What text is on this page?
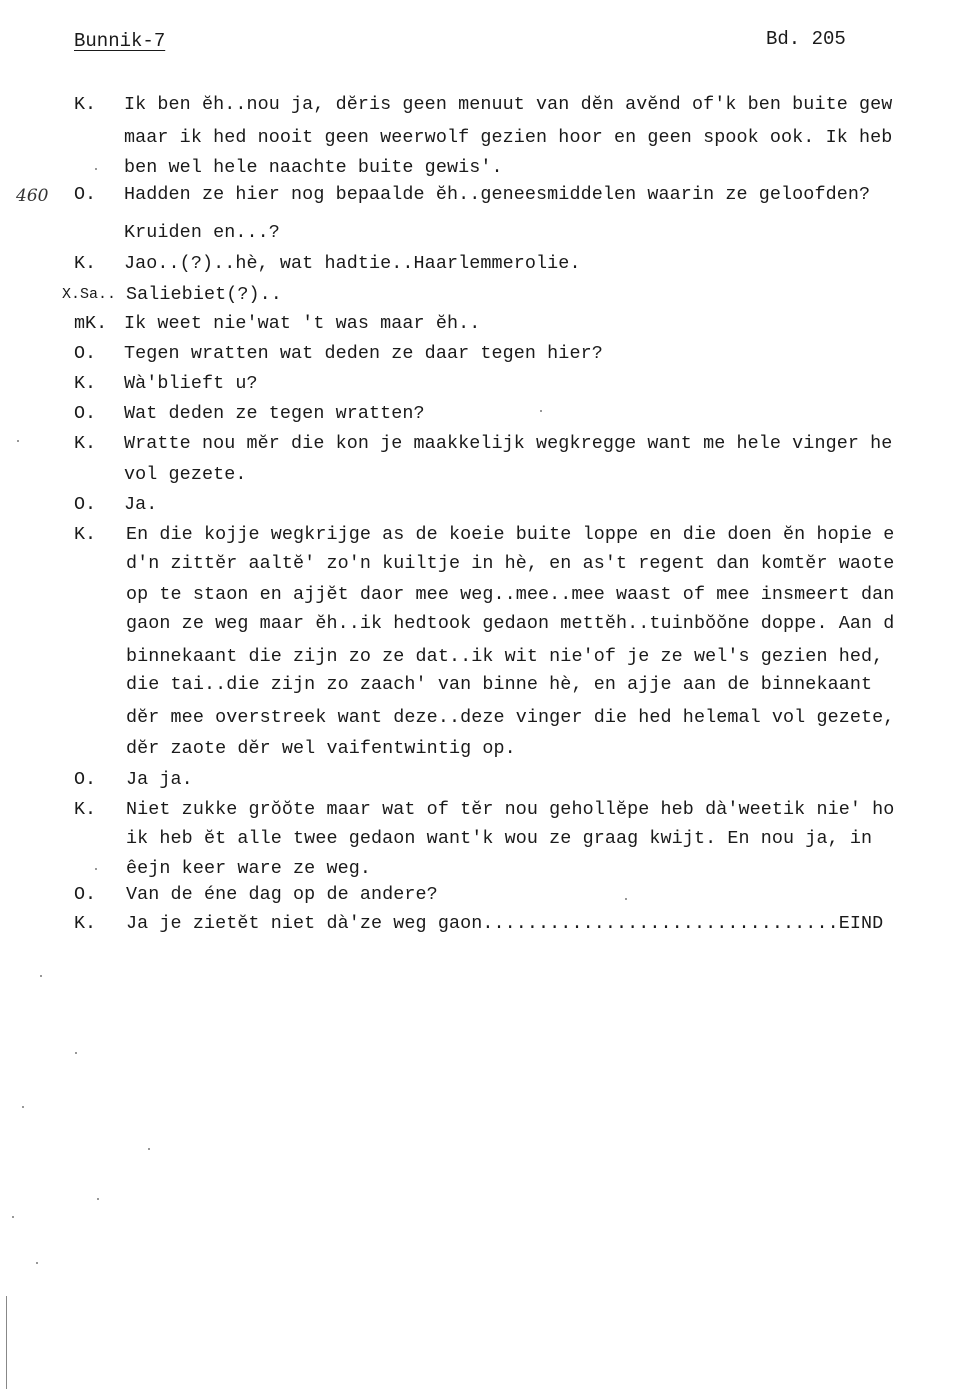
Bunnik-7	Bd. 205
460
K. Ik ben ĕh..nou ja, dĕris geen menuut van dĕn avĕnd of'k ben buite gew
maar ik hed nooit geen weerwolf gezien hoor en geen spook ook. Ik heb
ben wel hele naachte buite gewis'.
O. Hadden ze hier nog bepaalde ĕh..geneesmiddelen waarin ze geloofden?
Kruiden en...?
K. Jao..(?)..hè, wat hadtie..Haarlemmerolie.
X.Sa.. Saliebiet(?)..
mK. Ik weet nie'wat 't was maar ĕh..
O. Tegen wratten wat deden ze daar tegen hier?
K. Wà'blieft u?
O. Wat deden ze tegen wratten?
K. Wratte nou mĕr die kon je maakkelijk wegkregge want me hele vinger he
vol gezete.
O. Ja.
K. En die kojje wegkrijge as de koeie buite loppe en die doen ĕn hopie e
d'n zittĕr aaltĕ' zo'n kuiltje in hè, en as't regent dan komtĕr waote
op te staon en ajjĕt daor mee weg..mee..mee waast of mee insmeert dan
gaon ze weg maar ĕh..ik hedtook gedaon mettĕh..tuinbŏŏne doppe. Aan d
binnekaant die zijn zo ze dat..ik wit nie'of je ze wel's gezien hed,
die tai..die zijn zo zaach' van binne hè, en ajje aan de binnekaant
dĕr mee overstreek want deze..deze vinger die hed helemal vol gezete,
dĕr zaote dĕr wel vaifentwintig op.
O. Ja ja.
K. Niet zukke grŏŏte maar wat of tĕr nou gehollĕpe heb dà'weetik nie' ho
ik heb ĕt alle twee gedaon want'k wou ze graag kwijt. En nou ja, in
êejn keer ware ze weg.
O. Van de éne dag op de andere?
K. Ja je zietĕt niet dà'ze weg gaon................................EIND
